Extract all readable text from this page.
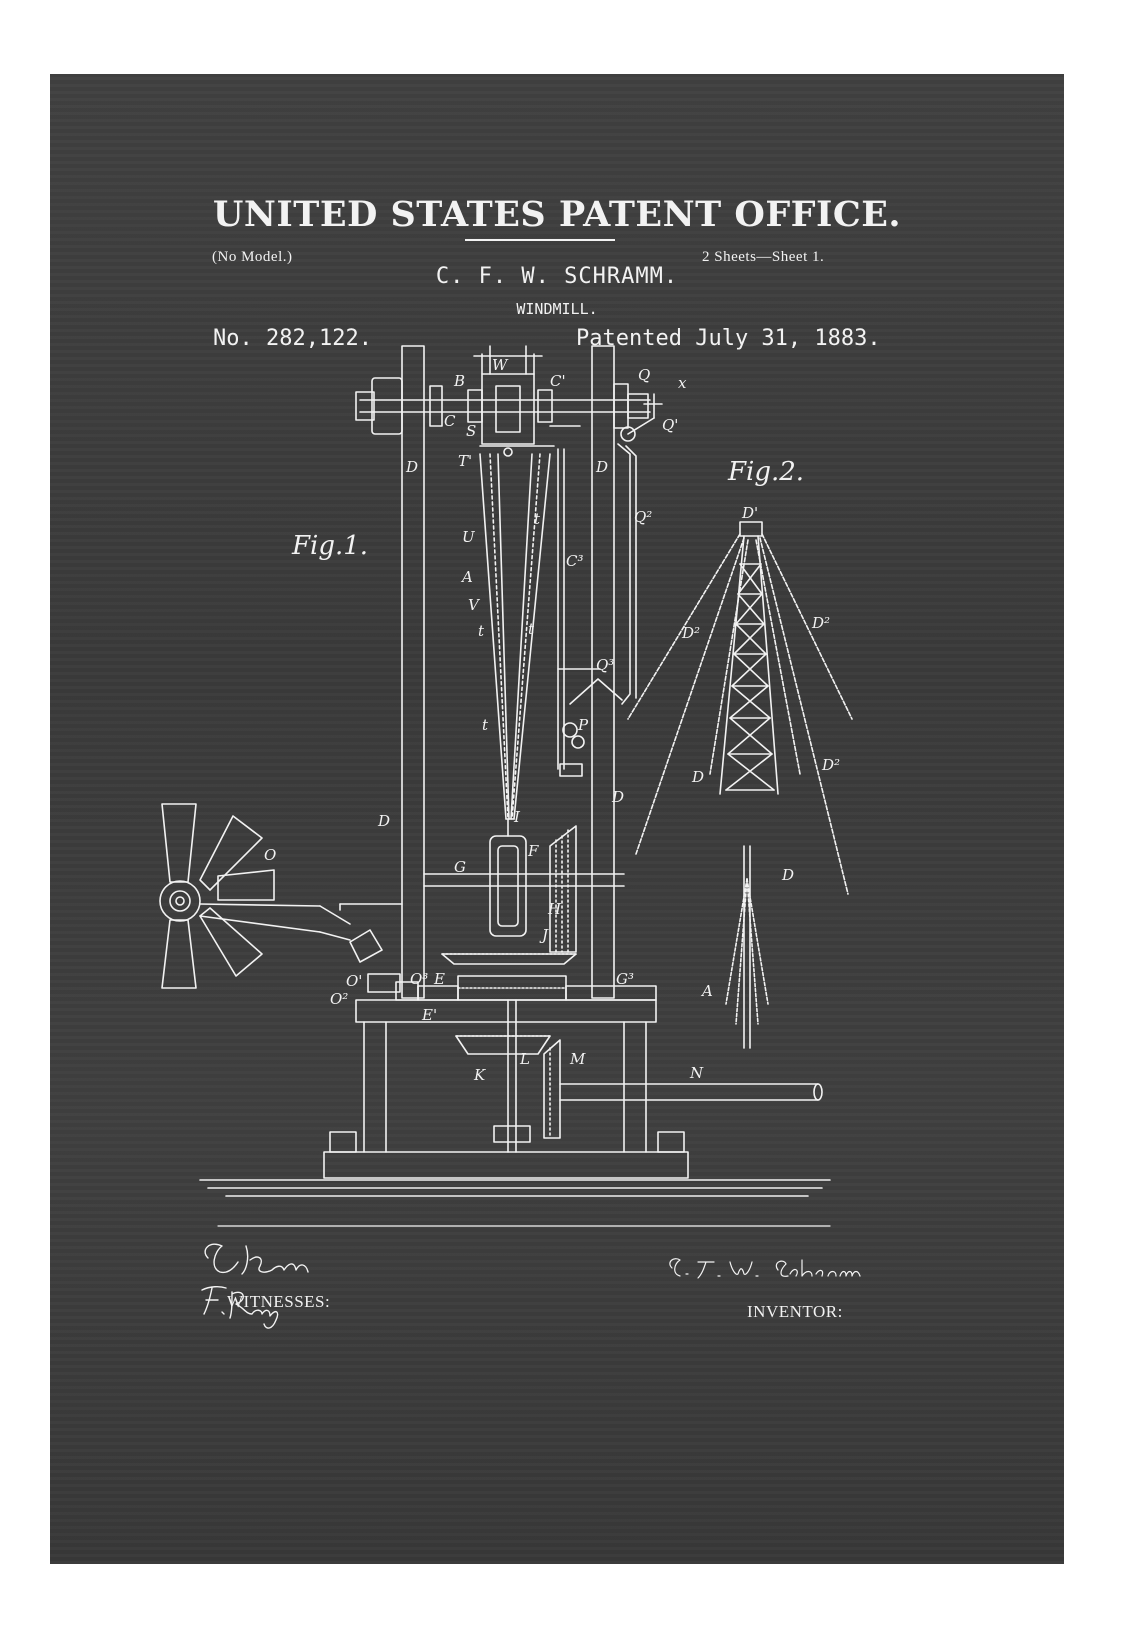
UNITED STATES PATENT OFFICE.
(No Model.)	2 Sheets—Sheet 1.
C. F. W. SCHRAMM.
WINDMILL.
No. 282,122.	Patented July 31, 1883.
B
W
C'
C
S
Q x
Q'
D	T'	D
Q²
U
t
C³
A
V
t	t
Q³
P
t
D
D	I
F
G
H
J
O
O'
O²
O³ E
E'
G³
L	M
K	N
D'
D²
D²
D
D²
D
A
Fig.1.
Fig.2.
WITNESSES:
INVENTOR:
